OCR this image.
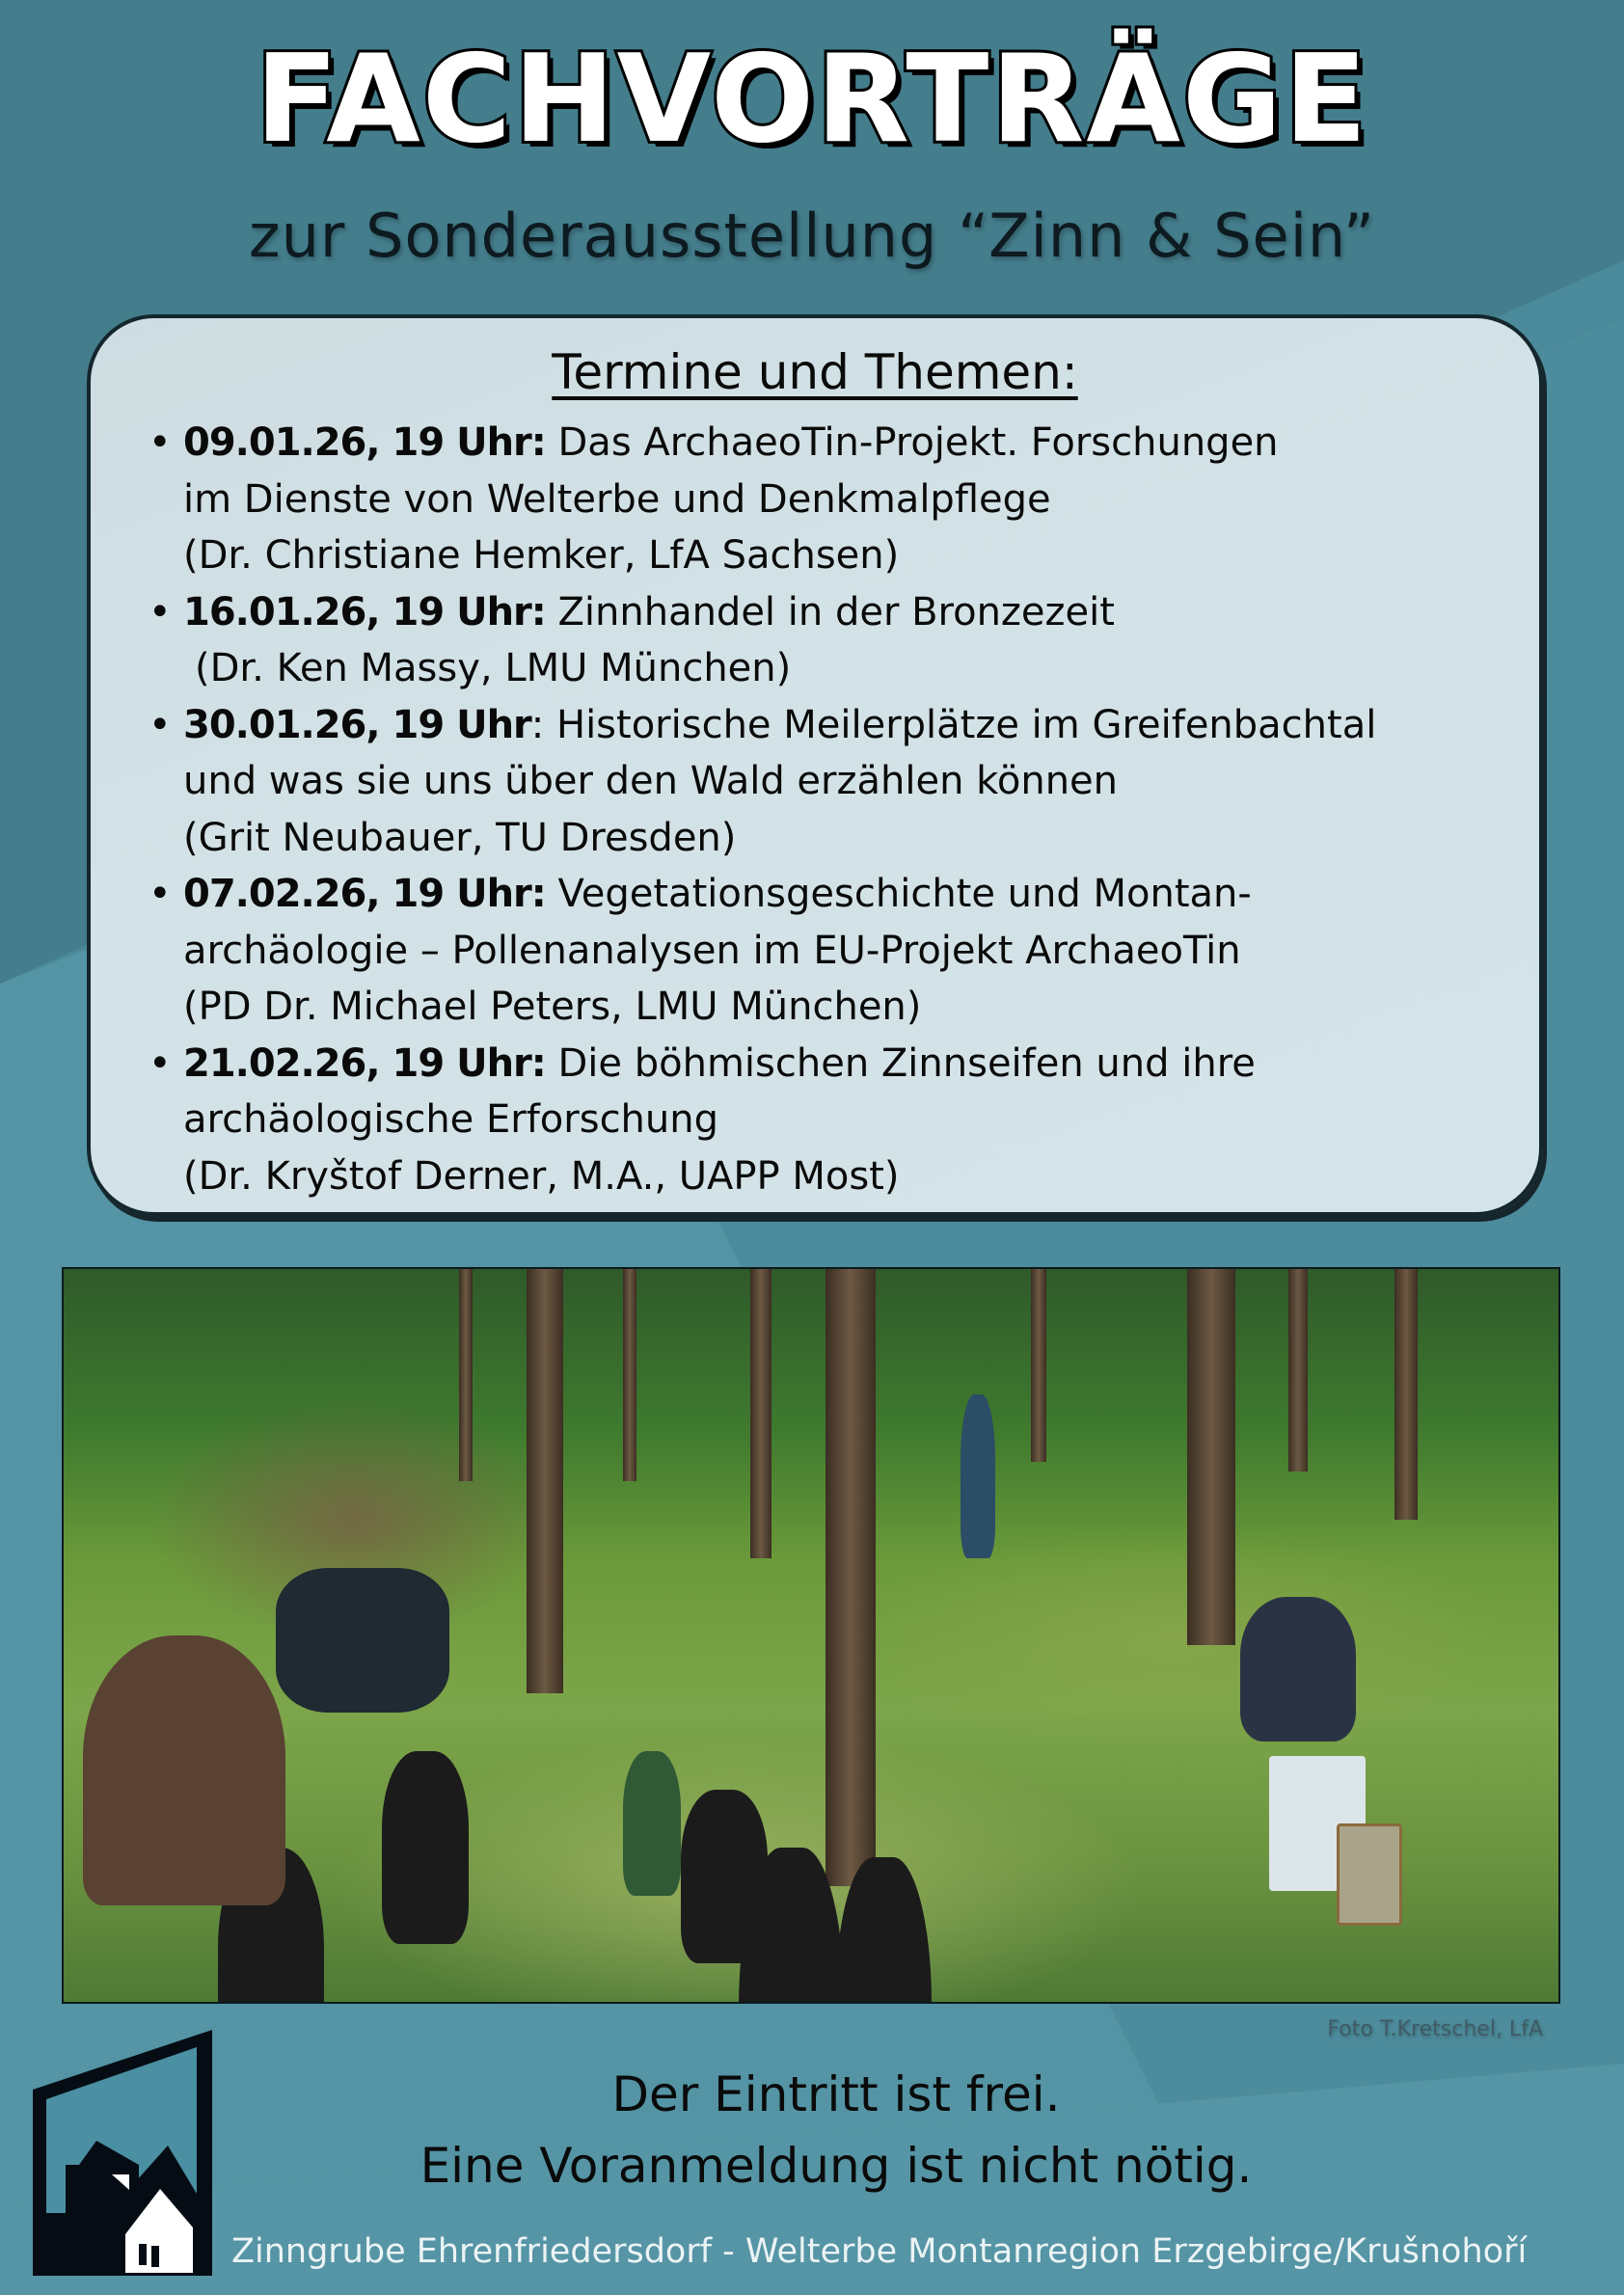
FACHVORTRÄGE
zur Sonderausstellung “Zinn & Sein”
Termine und Themen:
• 09.01.26, 19 Uhr: Das ArchaeoTin-Projekt. Forschungen
im Dienste von Welterbe und Denkmalpflege
(Dr. Christiane Hemker, LfA Sachsen)
• 16.01.26, 19 Uhr: Zinnhandel in der Bronzezeit
(Dr. Ken Massy, LMU München)
• 30.01.26, 19 Uhr: Historische Meilerplätze im Greifenbachtal
und was sie uns über den Wald erzählen können
(Grit Neubauer, TU Dresden)
• 07.02.26, 19 Uhr: Vegetationsgeschichte und Montan-
archäologie – Pollenanalysen im EU-Projekt ArchaeoTin
(PD Dr. Michael Peters, LMU München)
• 21.02.26, 19 Uhr: Die böhmischen Zinnseifen und ihre
archäologische Erforschung
(Dr. Kryštof Derner, M.A., UAPP Most)
Foto T.Kretschel, LfA
Der Eintritt ist frei.
Eine Voranmeldung ist nicht nötig.
Zinngrube Ehrenfriedersdorf - Welterbe Montanregion Erzgebirge/Krušnohoří
